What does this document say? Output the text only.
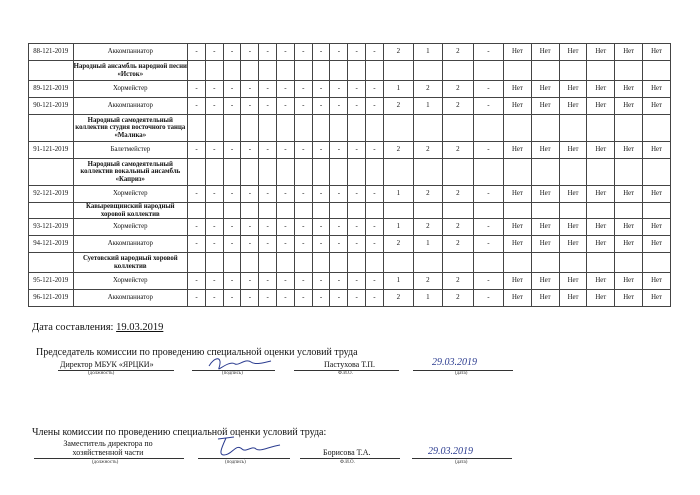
88-121-2019	Аккомпаниатор	-	-	-	-	-	-	-	-	-	-	-	2	1	2	-	Нет	Нет	Нет	Нет	Нет	Нет
	Народный ансамбль народной песни «Исток»																					
89-121-2019	Хормейстер	-	-	-	-	-	-	-	-	-	-	-	1	2	2	-	Нет	Нет	Нет	Нет	Нет	Нет
90-121-2019	Аккомпаниатор	-	-	-	-	-	-	-	-	-	-	-	2	1	2	-	Нет	Нет	Нет	Нет	Нет	Нет
	Народный самодеятельный коллектив студия восточного танца «Малика»																					
91-121-2019	Балетмейстер	-	-	-	-	-	-	-	-	-	-	-	2	2	2	-	Нет	Нет	Нет	Нет	Нет	Нет
	Народный самодеятельный коллектив вокальный ансамбль «Каприз»																					
92-121-2019	Хормейстер	-	-	-	-	-	-	-	-	-	-	-	1	2	2	-	Нет	Нет	Нет	Нет	Нет	Нет
	Кавыревщинский народный хоровой коллектив																					
93-121-2019	Хормейстер	-	-	-	-	-	-	-	-	-	-	-	1	2	2	-	Нет	Нет	Нет	Нет	Нет	Нет
94-121-2019	Аккомпаниатор	-	-	-	-	-	-	-	-	-	-	-	2	1	2	-	Нет	Нет	Нет	Нет	Нет	Нет
	Суетовский народный хоровой коллектив																					
95-121-2019	Хормейстер	-	-	-	-	-	-	-	-	-	-	-	1	2	2	-	Нет	Нет	Нет	Нет	Нет	Нет
96-121-2019	Аккомпаниатор	-	-	-	-	-	-	-	-	-	-	-	2	1	2	-	Нет	Нет	Нет	Нет	Нет	Нет
Дата составления: 19.03.2019
Председатель комиссии по проведению специальной оценки условий труда
Директор МБУК «ЯРЦКИ»	Пастухова Т.П.	29.03.2019
(должность)	(подпись)	Ф.И.О.	(дата)
Члены комиссии по проведению специальной оценки условий труда:
Заместитель директора по хозяйственной части	Борисова Т.А.	29.03.2019
(должность)	(подпись)	Ф.И.О.	(дата)
